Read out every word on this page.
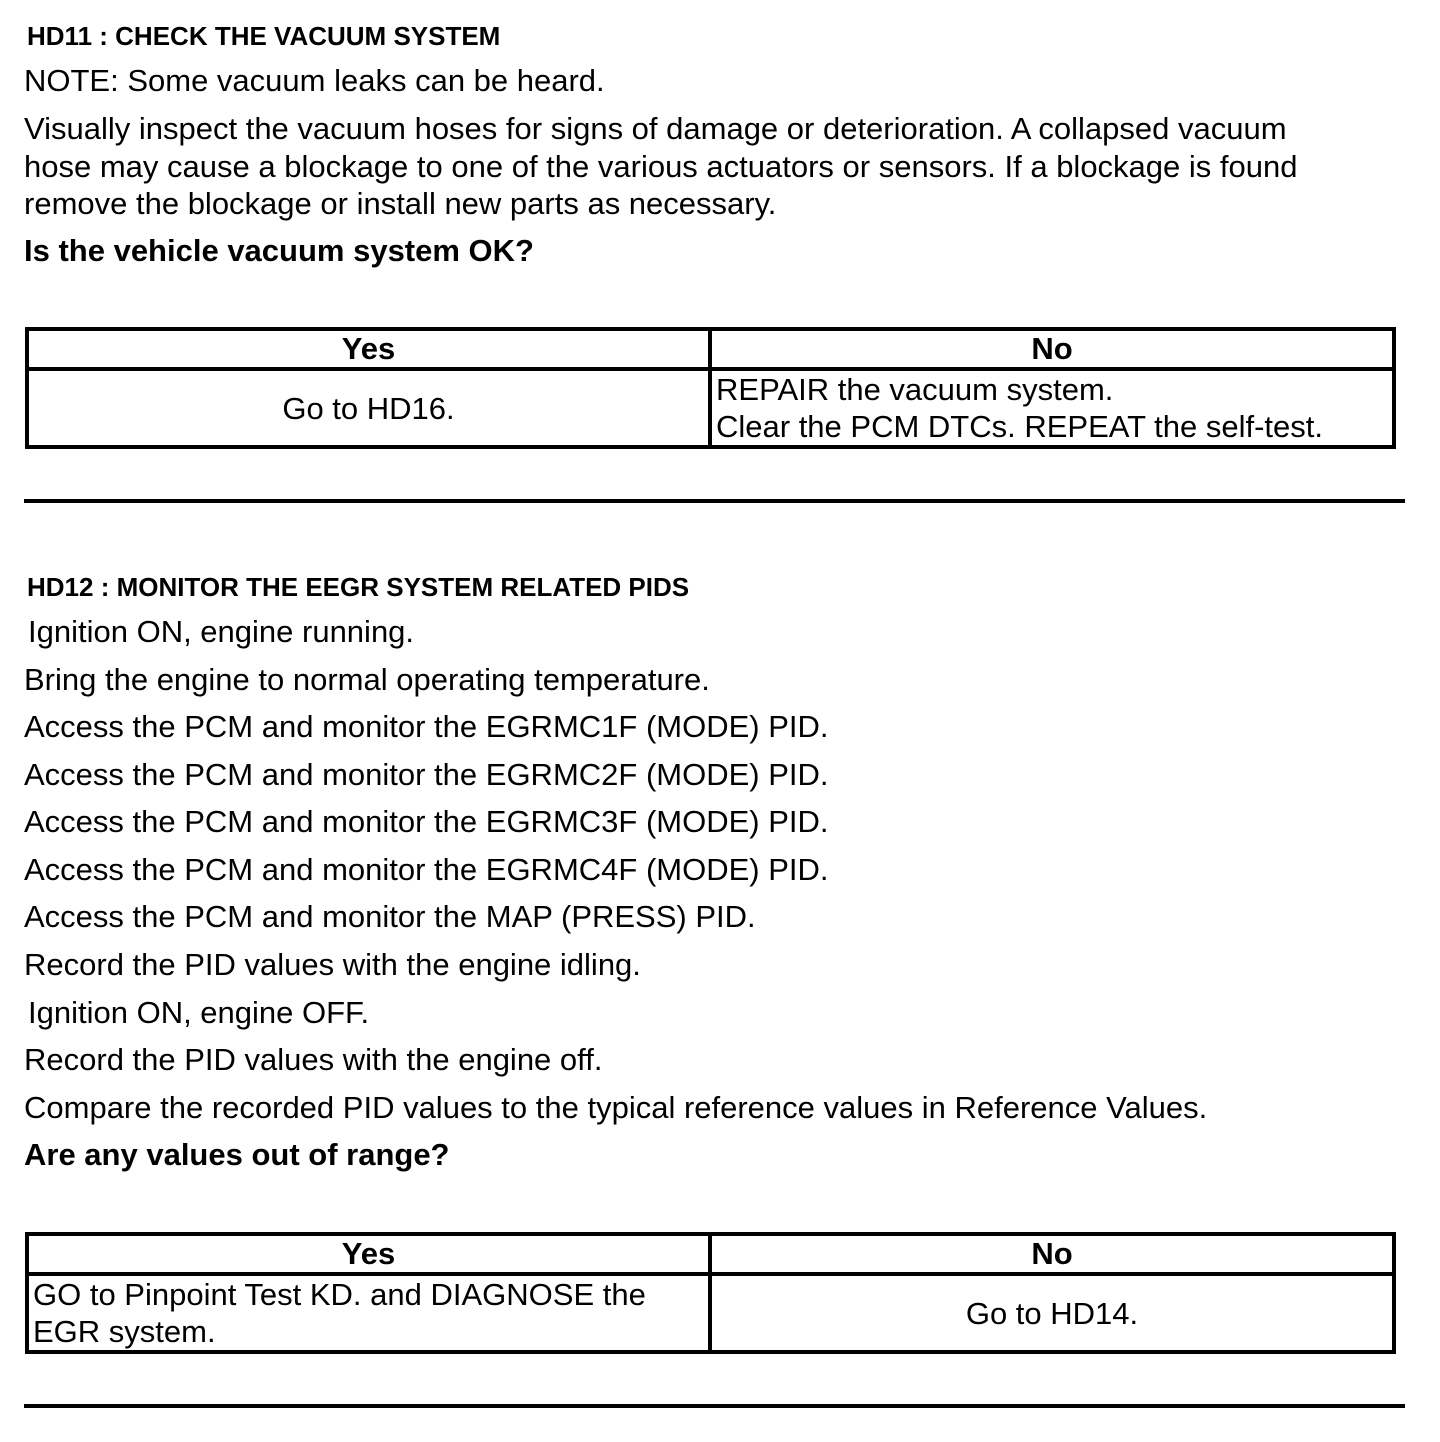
HD11 : CHECK THE VACUUM SYSTEM
NOTE: Some vacuum leaks can be heard.
Visually inspect the vacuum hoses for signs of damage or deterioration. A collapsed vacuum
hose may cause a blockage to one of the various actuators or sensors. If a blockage is found
remove the blockage or install new parts as necessary.
Is the vehicle vacuum system OK?
Yes	No

Go to HD16.	REPAIR the vacuum system.
Clear the PCM DTCs. REPEAT the self-test.
HD12 : MONITOR THE EEGR SYSTEM RELATED PIDS
Ignition ON, engine running.
Bring the engine to normal operating temperature.
Access the PCM and monitor the EGRMC1F (MODE) PID.
Access the PCM and monitor the EGRMC2F (MODE) PID.
Access the PCM and monitor the EGRMC3F (MODE) PID.
Access the PCM and monitor the EGRMC4F (MODE) PID.
Access the PCM and monitor the MAP (PRESS) PID.
Record the PID values with the engine idling.
Ignition ON, engine OFF.
Record the PID values with the engine off.
Compare the recorded PID values to the typical reference values in Reference Values.
Are any values out of range?
Yes	No

GO to Pinpoint Test KD. and DIAGNOSE the
EGR system.	Go to HD14.
